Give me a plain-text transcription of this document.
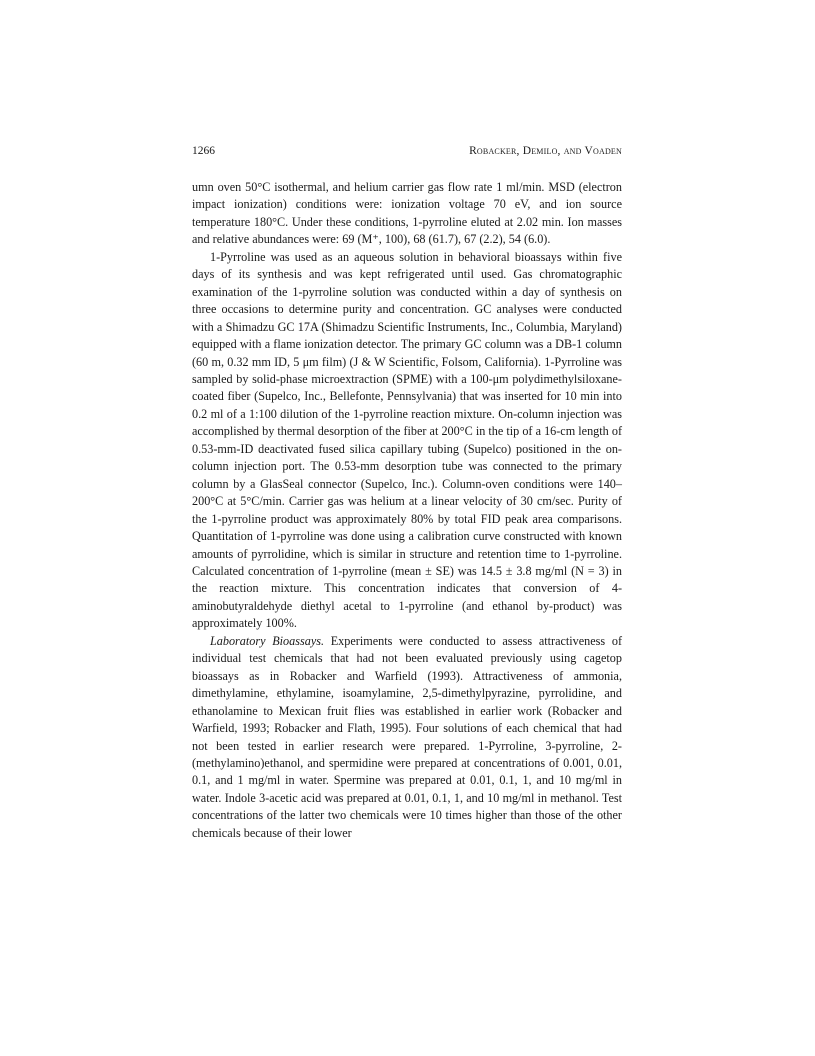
1266	Robacker, Demilo, and Voaden

umn oven 50°C isothermal, and helium carrier gas flow rate 1 ml/min. MSD (electron impact ionization) conditions were: ionization voltage 70 eV, and ion source temperature 180°C. Under these conditions, 1-pyrroline eluted at 2.02 min. Ion masses and relative abundances were: 69 (M⁺, 100), 68 (61.7), 67 (2.2), 54 (6.0).

1-Pyrroline was used as an aqueous solution in behavioral bioassays within five days of its synthesis and was kept refrigerated until used. Gas chromatographic examination of the 1-pyrroline solution was conducted within a day of synthesis on three occasions to determine purity and concentration. GC analyses were conducted with a Shimadzu GC 17A (Shimadzu Scientific Instruments, Inc., Columbia, Maryland) equipped with a flame ionization detector. The primary GC column was a DB-1 column (60 m, 0.32 mm ID, 5 μm film) (J & W Scientific, Folsom, California). 1-Pyrroline was sampled by solid-phase microextraction (SPME) with a 100-μm polydimethylsiloxane-coated fiber (Supelco, Inc., Bellefonte, Pennsylvania) that was inserted for 10 min into 0.2 ml of a 1:100 dilution of the 1-pyrroline reaction mixture. On-column injection was accomplished by thermal desorption of the fiber at 200°C in the tip of a 16-cm length of 0.53-mm-ID deactivated fused silica capillary tubing (Supelco) positioned in the on-column injection port. The 0.53-mm desorption tube was connected to the primary column by a GlasSeal connector (Supelco, Inc.). Column-oven conditions were 140–200°C at 5°C/min. Carrier gas was helium at a linear velocity of 30 cm/sec. Purity of the 1-pyrroline product was approximately 80% by total FID peak area comparisons. Quantitation of 1-pyrroline was done using a calibration curve constructed with known amounts of pyrrolidine, which is similar in structure and retention time to 1-pyrroline. Calculated concentration of 1-pyrroline (mean ± SE) was 14.5 ± 3.8 mg/ml (N = 3) in the reaction mixture. This concentration indicates that conversion of 4-aminobutyraldehyde diethyl acetal to 1-pyrroline (and ethanol by-product) was approximately 100%.

Laboratory Bioassays. Experiments were conducted to assess attractiveness of individual test chemicals that had not been evaluated previously using cagetop bioassays as in Robacker and Warfield (1993). Attractiveness of ammonia, dimethylamine, ethylamine, isoamylamine, 2,5-dimethylpyrazine, pyrrolidine, and ethanolamine to Mexican fruit flies was established in earlier work (Robacker and Warfield, 1993; Robacker and Flath, 1995). Four solutions of each chemical that had not been tested in earlier research were prepared. 1-Pyrroline, 3-pyrroline, 2-(methylamino)ethanol, and spermidine were prepared at concentrations of 0.001, 0.01, 0.1, and 1 mg/ml in water. Spermine was prepared at 0.01, 0.1, 1, and 10 mg/ml in water. Indole 3-acetic acid was prepared at 0.01, 0.1, 1, and 10 mg/ml in methanol. Test concentrations of the latter two chemicals were 10 times higher than those of the other chemicals because of their lower
